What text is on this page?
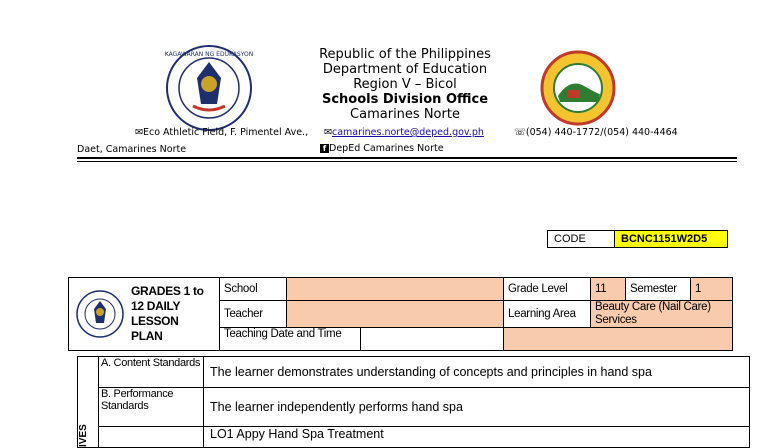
KAGAWARAN NG EDUKASYON	Republic of the Philippines
Department of Education
Region V – Bicol
Schools Division Office
Camarines Norte
✉Eco Athletic Field, F. Pimentel Ave., ✉camarines.norte@deped.gov.ph	☏(054) 440-1772/(054) 440-4464
Daet, Camarines Norte	f DepEd Camarines Norte
CODE	BCNC1151W2D5
GRADES 1 to 12 DAILY LESSON PLAN	School		Grade Level	11	Semester	1
	Teacher		Learning Area	Beauty Care (Nail Care) Services		

	Teaching Date and Time					

IVES	A. Content Standards	The learner demonstrates understanding of concepts and principles in hand spa
	B. Performance Standards	The learner independently performs hand spa
		LO1 Appy Hand Spa Treatment
